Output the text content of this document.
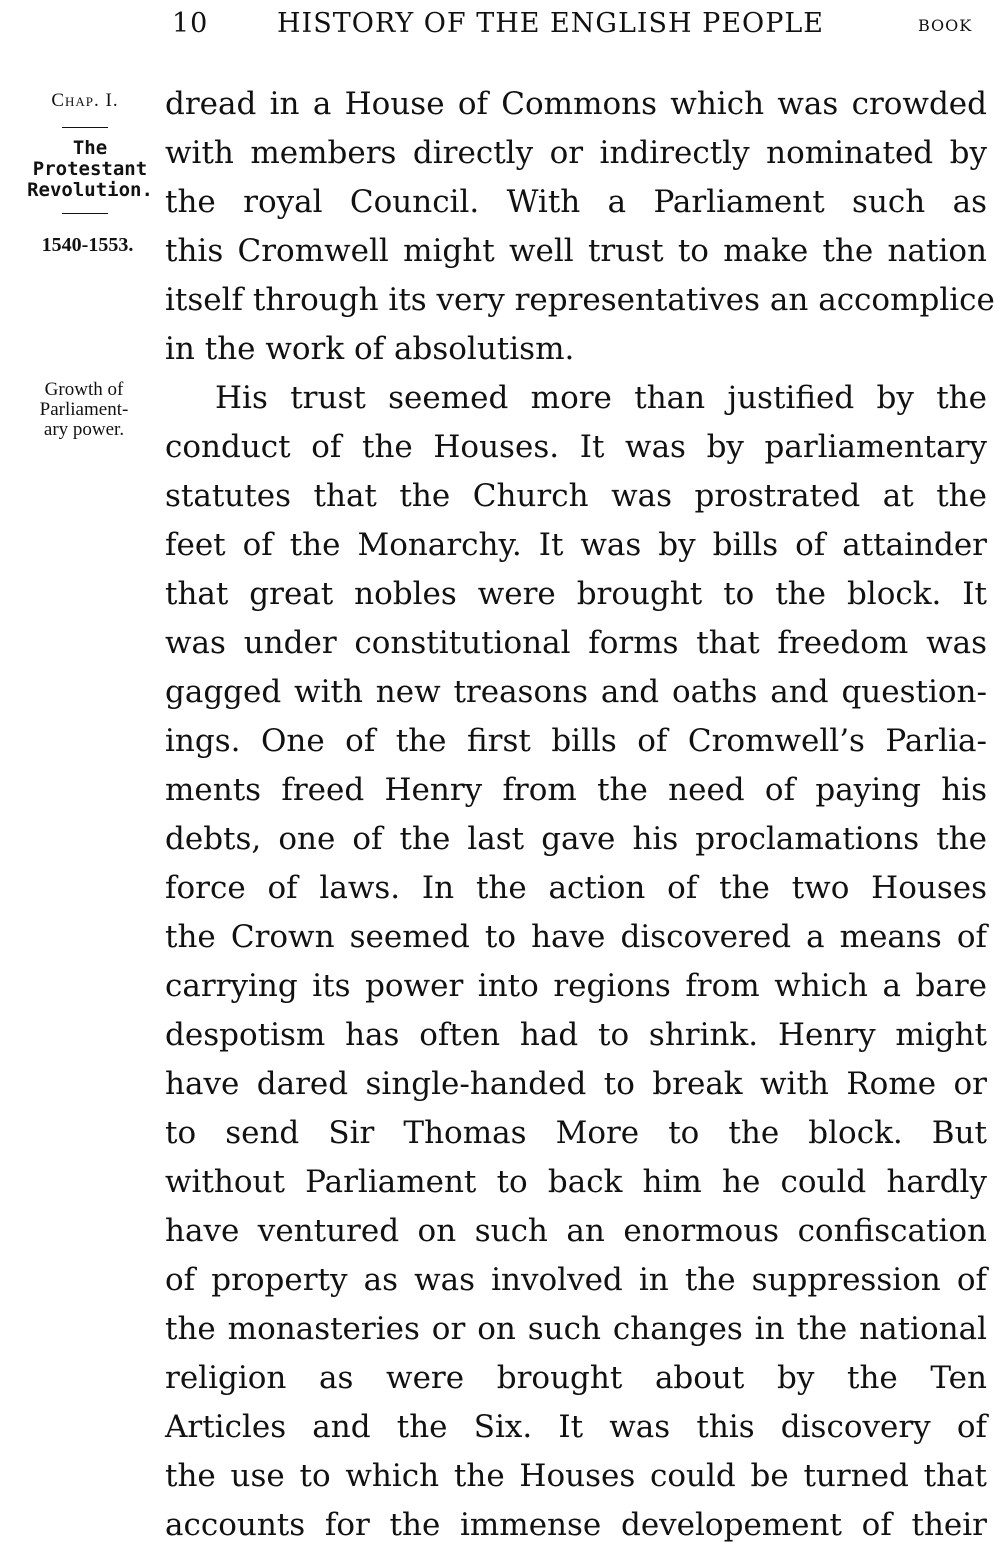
10	HISTORY OF THE ENGLISH PEOPLE	BOOK
Chap. I.
The
Protestant
Revolution.
1540-1553.
Growth of
Parliament-
ary power.
dread in a House of Commons which was crowded
with members directly or indirectly nominated by
the royal Council. With a Parliament such as
this Cromwell might well trust to make the nation
itself through its very representatives an accomplice
in the work of absolutism.
His trust seemed more than justified by the
conduct of the Houses. It was by parliamentary
statutes that the Church was prostrated at the
feet of the Monarchy. It was by bills of attainder
that great nobles were brought to the block. It
was under constitutional forms that freedom was
gagged with new treasons and oaths and question-
ings. One of the first bills of Cromwell’s Parlia-
ments freed Henry from the need of paying his
debts, one of the last gave his proclamations the
force of laws. In the action of the two Houses
the Crown seemed to have discovered a means of
carrying its power into regions from which a bare
despotism has often had to shrink. Henry might
have dared single-handed to break with Rome or
to send Sir Thomas More to the block. But
without Parliament to back him he could hardly
have ventured on such an enormous confiscation
of property as was involved in the suppression of
the monasteries or on such changes in the national
religion as were brought about by the Ten
Articles and the Six. It was this discovery of
the use to which the Houses could be turned that
accounts for the immense developement of their
